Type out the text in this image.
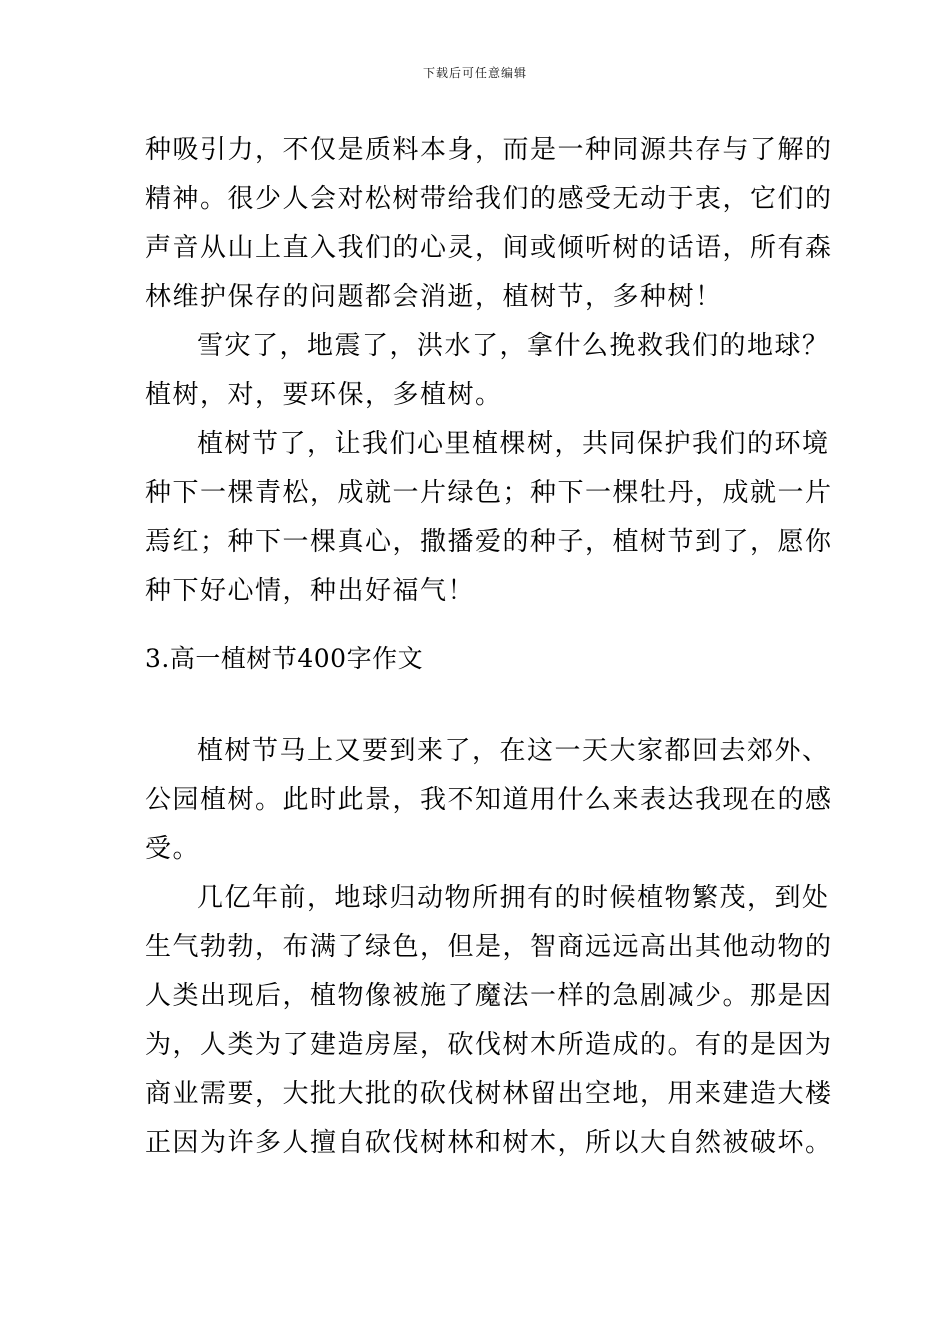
下载后可任意编辑
种吸引力，不仅是质料本身，而是一种同源共存与了解的
精神。很少人会对松树带给我们的感受无动于衷，它们的
声音从山上直入我们的心灵，间或倾听树的话语，所有森
林维护保存的问题都会消逝，植树节，多种树！
雪灾了，地震了，洪水了，拿什么挽救我们的地球？
植树，对，要环保，多植树。
植树节了，让我们心里植棵树，共同保护我们的环境
种下一棵青松，成就一片绿色；种下一棵牡丹，成就一片
焉红；种下一棵真心，撒播爱的种子，植树节到了，愿你
种下好心情，种出好福气！
3.高一植树节400字作文
植树节马上又要到来了，在这一天大家都回去郊外、
公园植树。此时此景，我不知道用什么来表达我现在的感
受。
几亿年前，地球归动物所拥有的时候植物繁茂，到处
生气勃勃，布满了绿色，但是，智商远远高出其他动物的
人类出现后，植物像被施了魔法一样的急剧减少。那是因
为，人类为了建造房屋，砍伐树木所造成的。有的是因为
商业需要，大批大批的砍伐树林留出空地，用来建造大楼
正因为许多人擅自砍伐树林和树木，所以大自然被破坏。
